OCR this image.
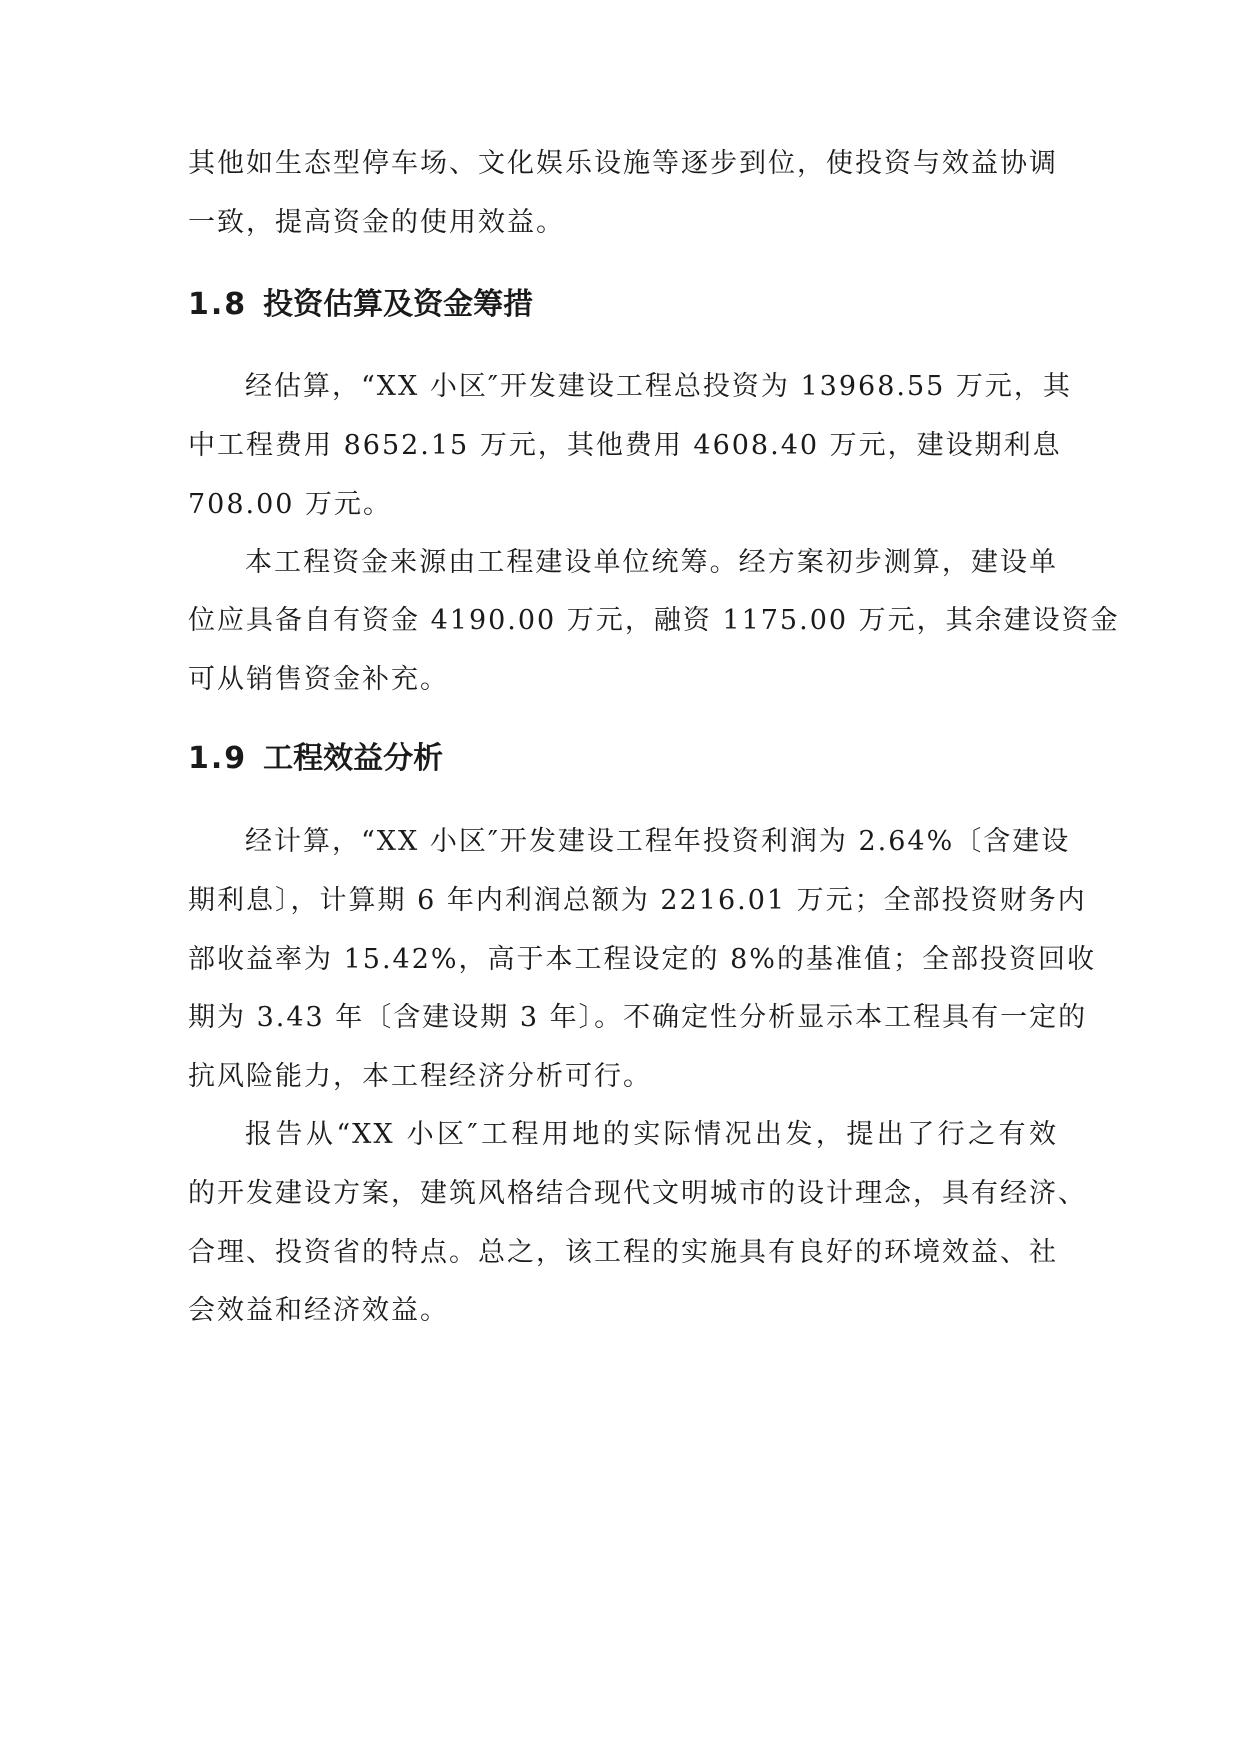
其他如生态型停车场、文化娱乐设施等逐步到位，使投资与效益协调
一致，提高资金的使用效益。
1.8 投资估算及资金筹措
经估算，“XX 小区″开发建设工程总投资为 13968.55 万元，其
中工程费用 8652.15 万元，其他费用 4608.40 万元，建设期利息
708.00 万元。
本工程资金来源由工程建设单位统筹。经方案初步测算，建设单
位应具备自有资金 4190.00 万元，融资 1175.00 万元，其余建设资金
可从销售资金补充。
1.9 工程效益分析
经计算，“XX 小区″开发建设工程年投资利润为 2.64%〔含建设
期利息〕，计算期 6 年内利润总额为 2216.01 万元；全部投资财务内
部收益率为 15.42%，高于本工程设定的 8%的基准值；全部投资回收
期为 3.43 年〔含建设期 3 年〕。不确定性分析显示本工程具有一定的
抗风险能力，本工程经济分析可行。
报告从“XX 小区″工程用地的实际情况出发，提出了行之有效
的开发建设方案，建筑风格结合现代文明城市的设计理念，具有经济、
合理、投资省的特点。总之，该工程的实施具有良好的环境效益、社
会效益和经济效益。
